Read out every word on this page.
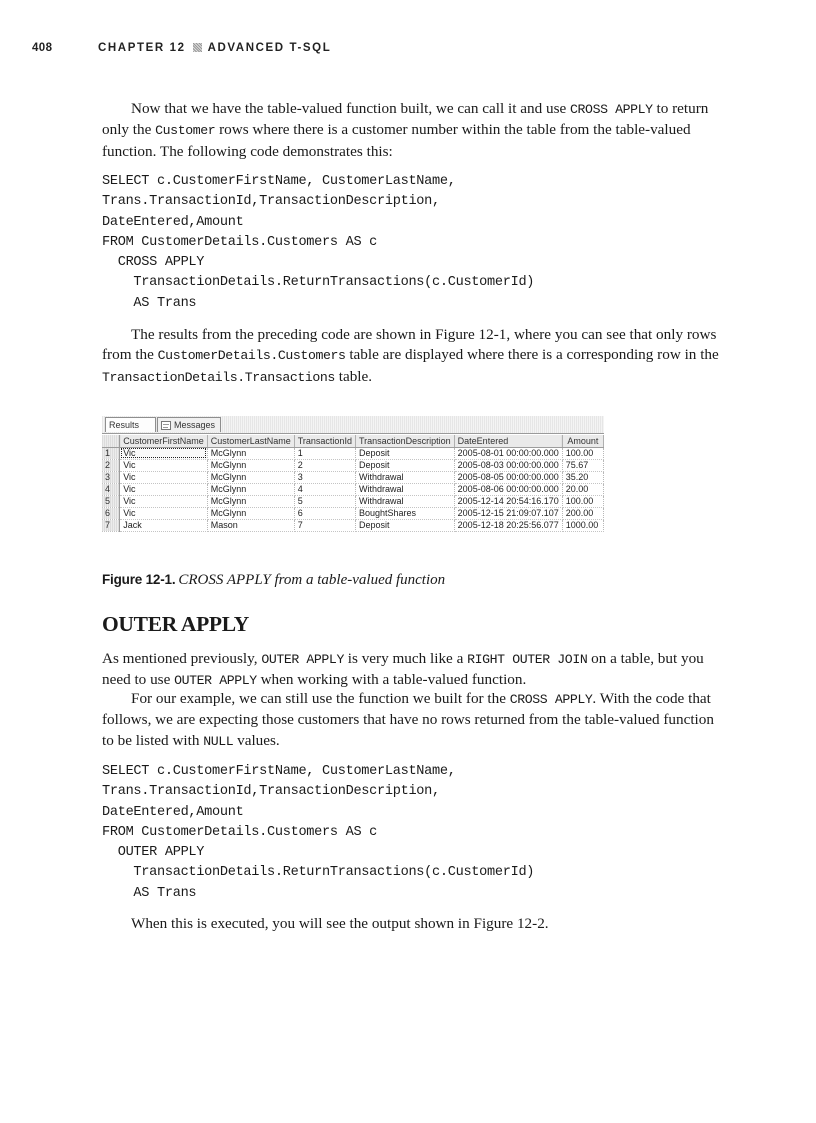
408	CHAPTER 12 ADVANCED T-SQL

Now that we have the table-valued function built, we can call it and use CROSS APPLY to return only the Customer rows where there is a customer number within the table from the table-valued function. The following code demonstrates this:

SELECT c.CustomerFirstName, CustomerLastName,
Trans.TransactionId,TransactionDescription,
DateEntered,Amount
FROM CustomerDetails.Customers AS c
CROSS APPLY
TransactionDetails.ReturnTransactions(c.CustomerId)
AS Trans

The results from the preceding code are shown in Figure 12-1, where you can see that only rows from the CustomerDetails.Customers table are displayed where there is a corresponding row in the TransactionDetails.Transactions table.

Results	Messages
	CustomerFirstName	CustomerLastName	TransactionId	TransactionDescription	DateEntered	Amount
1	Vic	McGlynn	1	Deposit	2005-08-01 00:00:00.000	100.00
2	Vic	McGlynn	2	Deposit	2005-08-03 00:00:00.000	75.67
3	Vic	McGlynn	3	Withdrawal	2005-08-05 00:00:00.000	35.20
4	Vic	McGlynn	4	Withdrawal	2005-08-06 00:00:00.000	20.00
5	Vic	McGlynn	5	Withdrawal	2005-12-14 20:54:16.170	100.00
6	Vic	McGlynn	6	BoughtShares	2005-12-15 21:09:07.107	200.00
7	Jack	Mason	7	Deposit	2005-12-18 20:25:56.077	1000.00

Figure 12-1. CROSS APPLY from a table-valued function

OUTER APPLY

As mentioned previously, OUTER APPLY is very much like a RIGHT OUTER JOIN on a table, but you need to use OUTER APPLY when working with a table-valued function.

For our example, we can still use the function we built for the CROSS APPLY. With the code that follows, we are expecting those customers that have no rows returned from the table-valued function to be listed with NULL values.

SELECT c.CustomerFirstName, CustomerLastName,
Trans.TransactionId,TransactionDescription,
DateEntered,Amount
FROM CustomerDetails.Customers AS c
OUTER APPLY
TransactionDetails.ReturnTransactions(c.CustomerId)
AS Trans

When this is executed, you will see the output shown in Figure 12-2.
